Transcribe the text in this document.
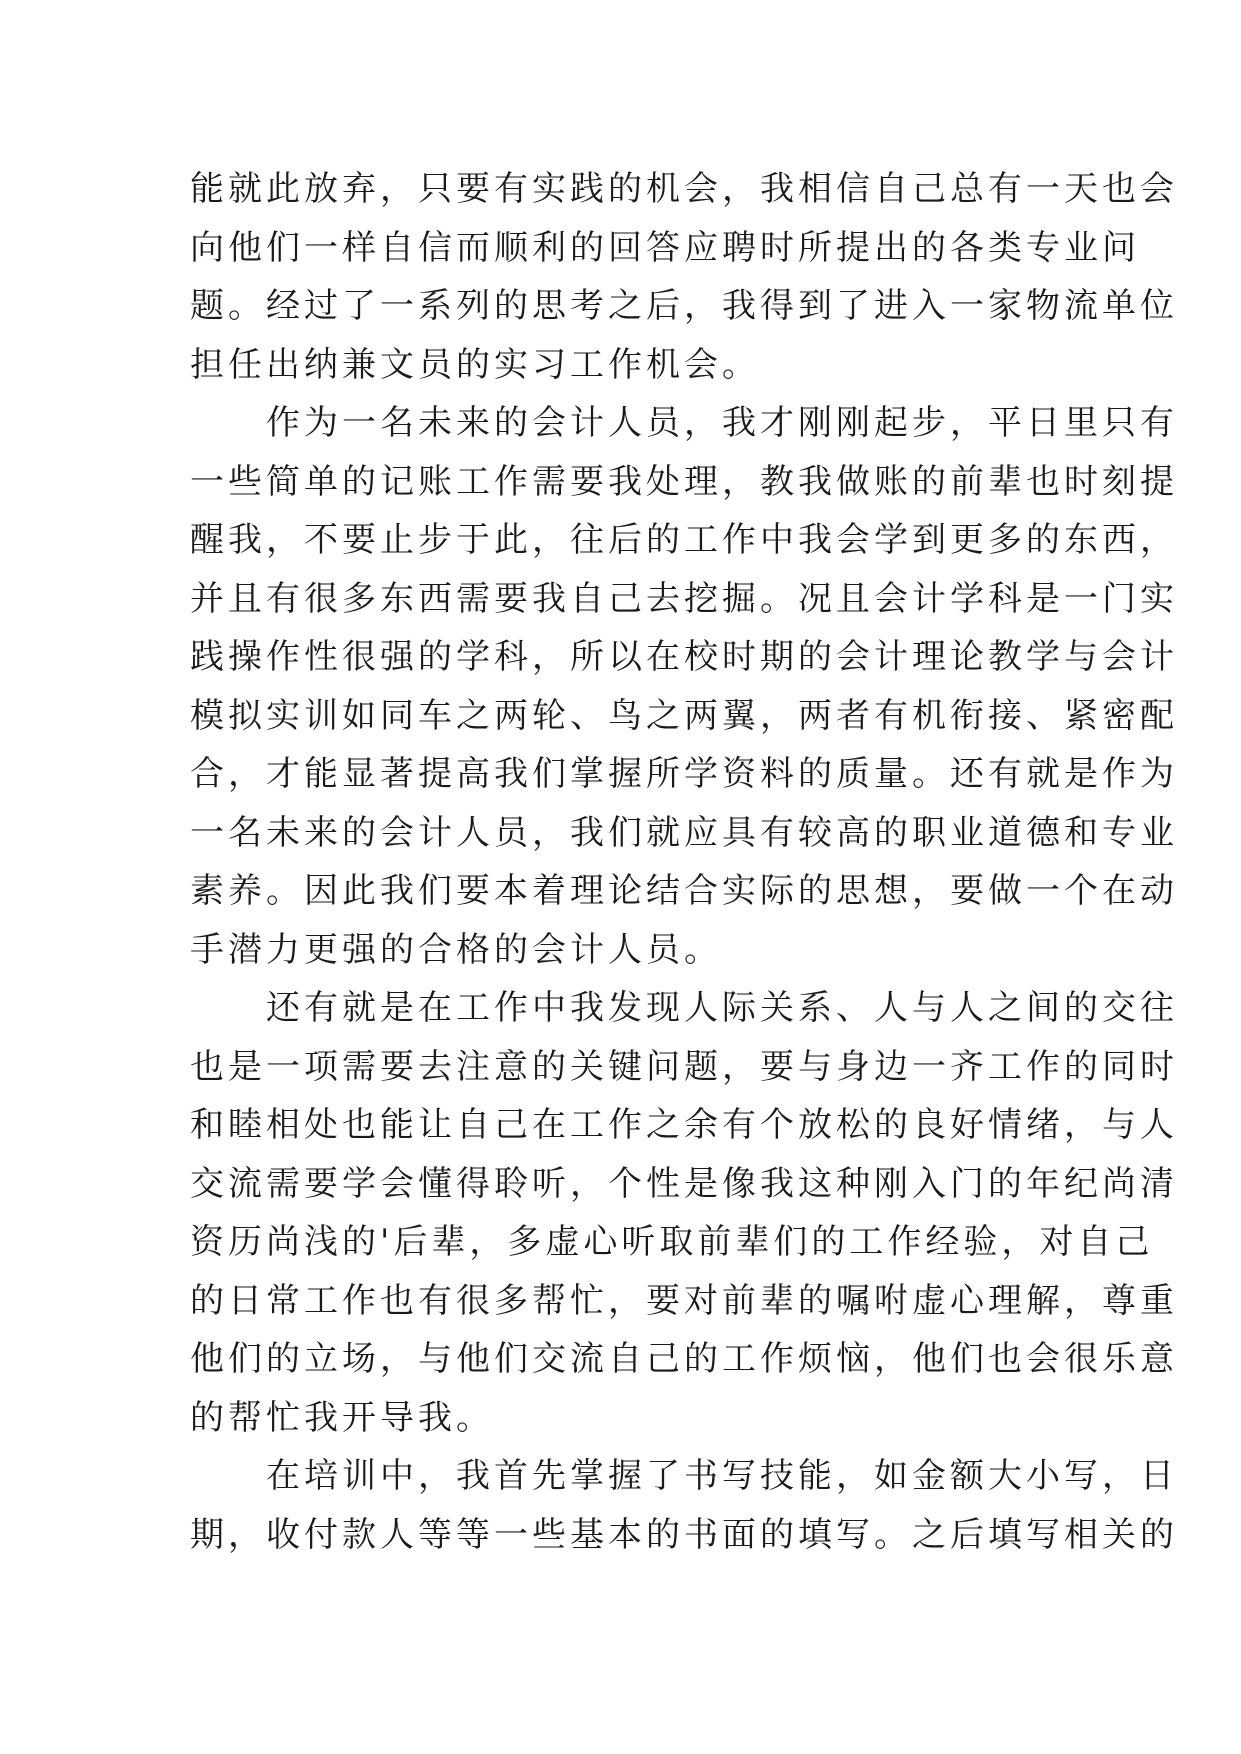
能就此放弃，只要有实践的机会，我相信自己总有一天也会
向他们一样自信而顺利的回答应聘时所提出的各类专业问
题。经过了一系列的思考之后，我得到了进入一家物流单位
担任出纳兼文员的实习工作机会。
　　作为一名未来的会计人员，我才刚刚起步，平日里只有
一些简单的记账工作需要我处理，教我做账的前辈也时刻提
醒我，不要止步于此，往后的工作中我会学到更多的东西，
并且有很多东西需要我自己去挖掘。况且会计学科是一门实
践操作性很强的学科，所以在校时期的会计理论教学与会计
模拟实训如同车之两轮、鸟之两翼，两者有机衔接、紧密配
合，才能显著提高我们掌握所学资料的质量。还有就是作为
一名未来的会计人员，我们就应具有较高的职业道德和专业
素养。因此我们要本着理论结合实际的思想，要做一个在动
手潜力更强的合格的会计人员。
　　还有就是在工作中我发现人际关系、人与人之间的交往
也是一项需要去注意的关键问题，要与身边一齐工作的同时
和睦相处也能让自己在工作之余有个放松的良好情绪，与人
交流需要学会懂得聆听，个性是像我这种刚入门的年纪尚清
资历尚浅的'后辈，多虚心听取前辈们的工作经验，对自己
的日常工作也有很多帮忙，要对前辈的嘱咐虚心理解，尊重
他们的立场，与他们交流自己的工作烦恼，他们也会很乐意
的帮忙我开导我。
　　在培训中，我首先掌握了书写技能，如金额大小写，日
期，收付款人等等一些基本的书面的填写。之后填写相关的
